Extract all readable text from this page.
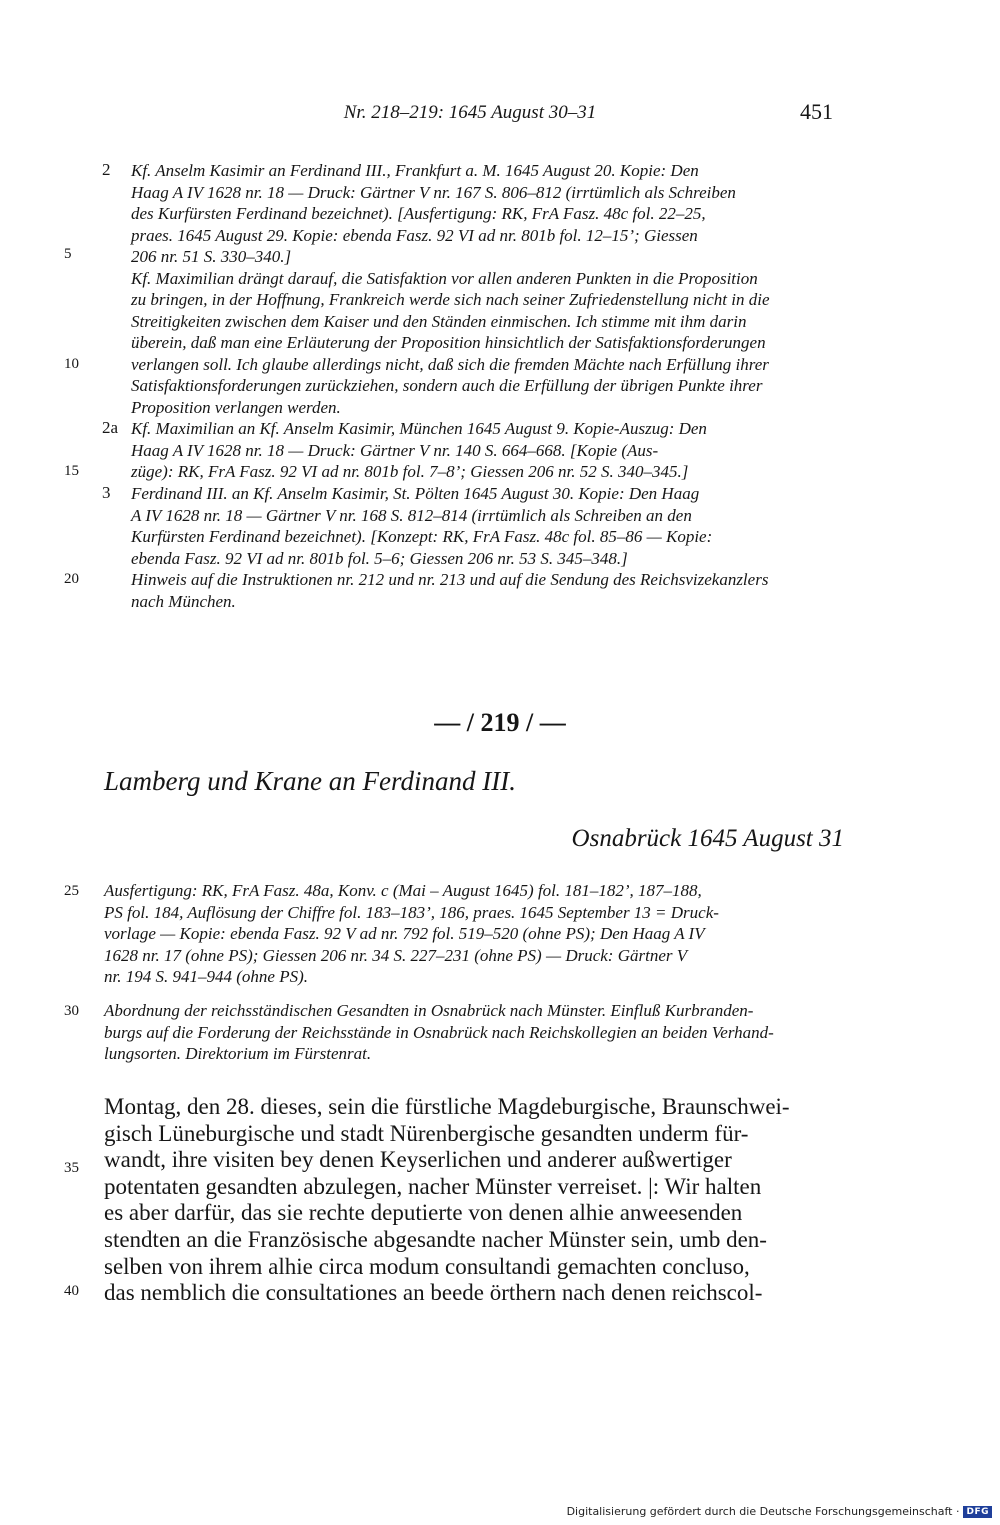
Nr. 218–219: 1645 August 30–31	451
5
10
15
20
25
30
35
40
2
2a
3
Kf. Anselm Kasimir an Ferdinand III., Frankfurt a. M. 1645 August 20. Kopie: Den
Haag A IV 1628 nr. 18 — Druck: Gärtner V nr. 167 S. 806–812 (irrtümlich als Schreiben
des Kurfürsten Ferdinand bezeichnet). [Ausfertigung: RK, FrA Fasz. 48c fol. 22–25,
praes. 1645 August 29. Kopie: ebenda Fasz. 92 VI ad nr. 801b fol. 12–15’; Giessen
206 nr. 51 S. 330–340.]
Kf. Maximilian drängt darauf, die Satisfaktion vor allen anderen Punkten in die Proposition
zu bringen, in der Hoffnung, Frankreich werde sich nach seiner Zufriedenstellung nicht in die
Streitigkeiten zwischen dem Kaiser und den Ständen einmischen. Ich stimme mit ihm darin
überein, daß man eine Erläuterung der Proposition hinsichtlich der Satisfaktionsforderungen
verlangen soll. Ich glaube allerdings nicht, daß sich die fremden Mächte nach Erfüllung ihrer
Satisfaktionsforderungen zurückziehen, sondern auch die Erfüllung der übrigen Punkte ihrer
Proposition verlangen werden.
Kf. Maximilian an Kf. Anselm Kasimir, München 1645 August 9. Kopie-Auszug: Den
Haag A IV 1628 nr. 18 — Druck: Gärtner V nr. 140 S. 664–668. [Kopie (Aus-
züge): RK, FrA Fasz. 92 VI ad nr. 801b fol. 7–8’; Giessen 206 nr. 52 S. 340–345.]
Ferdinand III. an Kf. Anselm Kasimir, St. Pölten 1645 August 30. Kopie: Den Haag
A IV 1628 nr. 18 — Gärtner V nr. 168 S. 812–814 (irrtümlich als Schreiben an den
Kurfürsten Ferdinand bezeichnet). [Konzept: RK, FrA Fasz. 48c fol. 85–86 — Kopie:
ebenda Fasz. 92 VI ad nr. 801b fol. 5–6; Giessen 206 nr. 53 S. 345–348.]
Hinweis auf die Instruktionen nr. 212 und nr. 213 und auf die Sendung des Reichsvizekanzlers
nach München.
— / 219 / —
Lamberg und Krane an Ferdinand III.
Osnabrück 1645 August 31
Ausfertigung: RK, FrA Fasz. 48a, Konv. c (Mai – August 1645) fol. 181–182’, 187–188,
PS fol. 184, Auflösung der Chiffre fol. 183–183’, 186, praes. 1645 September 13 = Druck-
vorlage — Kopie: ebenda Fasz. 92 V ad nr. 792 fol. 519–520 (ohne PS); Den Haag A IV
1628 nr. 17 (ohne PS); Giessen 206 nr. 34 S. 227–231 (ohne PS) — Druck: Gärtner V
nr. 194 S. 941–944 (ohne PS).
Abordnung der reichsständischen Gesandten in Osnabrück nach Münster. Einfluß Kurbranden-
burgs auf die Forderung der Reichsstände in Osnabrück nach Reichskollegien an beiden Verhand-
lungsorten. Direktorium im Fürstenrat.
Montag, den 28. dieses, sein die fürstliche Magdeburgische, Braunschwei-
gisch Lüneburgische und stadt Nürenbergische gesandten underm für-
wandt, ihre visiten bey denen Keyserlichen und anderer außwertiger
potentaten gesandten abzulegen, nacher Münster verreiset. |: Wir halten
es aber darfür, das sie rechte deputierte von denen alhie anweesenden
stendten an die Französische abgesandte nacher Münster sein, umb den-
selben von ihrem alhie circa modum consultandi gemachten concluso,
das nemblich die consultationes an beede örthern nach denen reichscol-
Digitalisierung gefördert durch die Deutsche Forschungsgemeinschaft · DFG
